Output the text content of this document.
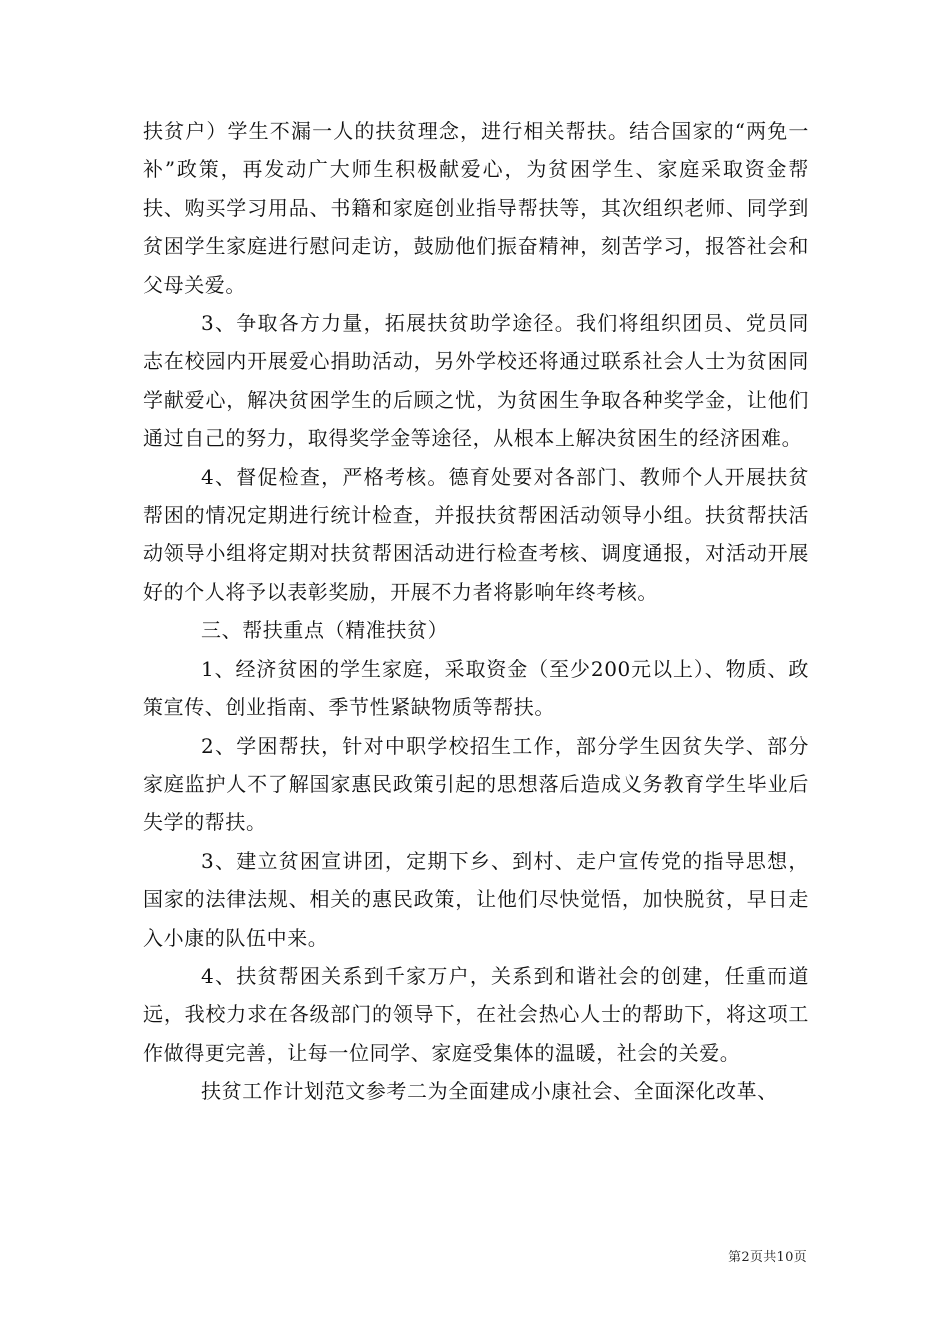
扶贫户）学生不漏一人的扶贫理念，进行相关帮扶。结合国家的“两免一补”政策，再发动广大师生积极献爱心，为贫困学生、家庭采取资金帮扶、购买学习用品、书籍和家庭创业指导帮扶等，其次组织老师、同学到贫困学生家庭进行慰问走访，鼓励他们振奋精神，刻苦学习，报答社会和父母关爱。

3、争取各方力量，拓展扶贫助学途径。我们将组织团员、党员同志在校园内开展爱心捐助活动，另外学校还将通过联系社会人士为贫困同学献爱心，解决贫困学生的后顾之忧，为贫困生争取各种奖学金，让他们通过自己的努力，取得奖学金等途径，从根本上解决贫困生的经济困难。

4、督促检查，严格考核。德育处要对各部门、教师个人开展扶贫帮困的情况定期进行统计检查，并报扶贫帮困活动领导小组。扶贫帮扶活动领导小组将定期对扶贫帮困活动进行检查考核、调度通报，对活动开展好的个人将予以表彰奖励，开展不力者将影响年终考核。

三、帮扶重点（精准扶贫）

1、经济贫困的学生家庭，采取资金（至少200元以上）、物质、政策宣传、创业指南、季节性紧缺物质等帮扶。

2、学困帮扶，针对中职学校招生工作，部分学生因贫失学、部分家庭监护人不了解国家惠民政策引起的思想落后造成义务教育学生毕业后失学的帮扶。

3、建立贫困宣讲团，定期下乡、到村、走户宣传党的指导思想，国家的法律法规、相关的惠民政策，让他们尽快觉悟，加快脱贫，早日走入小康的队伍中来。

4、扶贫帮困关系到千家万户，关系到和谐社会的创建，任重而道远，我校力求在各级部门的领导下，在社会热心人士的帮助下，将这项工作做得更完善，让每一位同学、家庭受集体的温暖，社会的关爱。

扶贫工作计划范文参考二为全面建成小康社会、全面深化改革、

第2页共10页
